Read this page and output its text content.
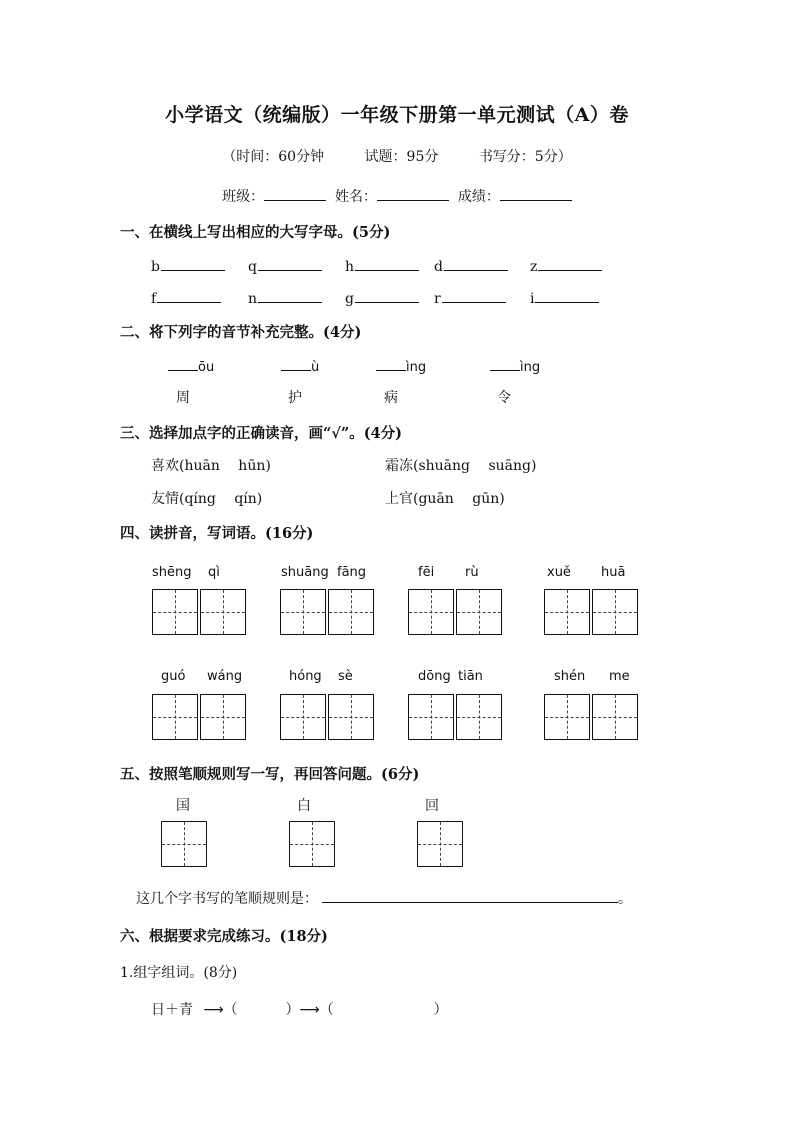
小学语文（统编版）一年级下册第一单元测试（A）卷
（时间：60分钟	试题：95分	书写分：5分）
班级：	姓名：	成绩：
一、在横线上写出相应的大写字母。(5分)
b	q	h	d	z
f	n	g	r	i
二、将下列字的音节补充完整。(4分)
ōu	ù	ìng	ìng
周	护	病	令
三、选择加点字的正确读音，画“√”。(4分)
喜欢(huān　 hūn)	霜冻(shuāng　 suāng)
友情(qíng　 qín)	上官(guān　 gūn)
四、读拼音，写词语。(16分)
shēng qì	shuāng fāng	fēi rù	xuě huā
guó wáng	hóng sè	dōng tiān	shén me
五、按照笔顺规则写一写，再回答问题。(6分)
国	白	回
这几个字书写的笔顺规则是：	。
六、根据要求完成练习。(18分)
1.组字组词。(8分)
日＋青 ⟶（	）⟶（	）
